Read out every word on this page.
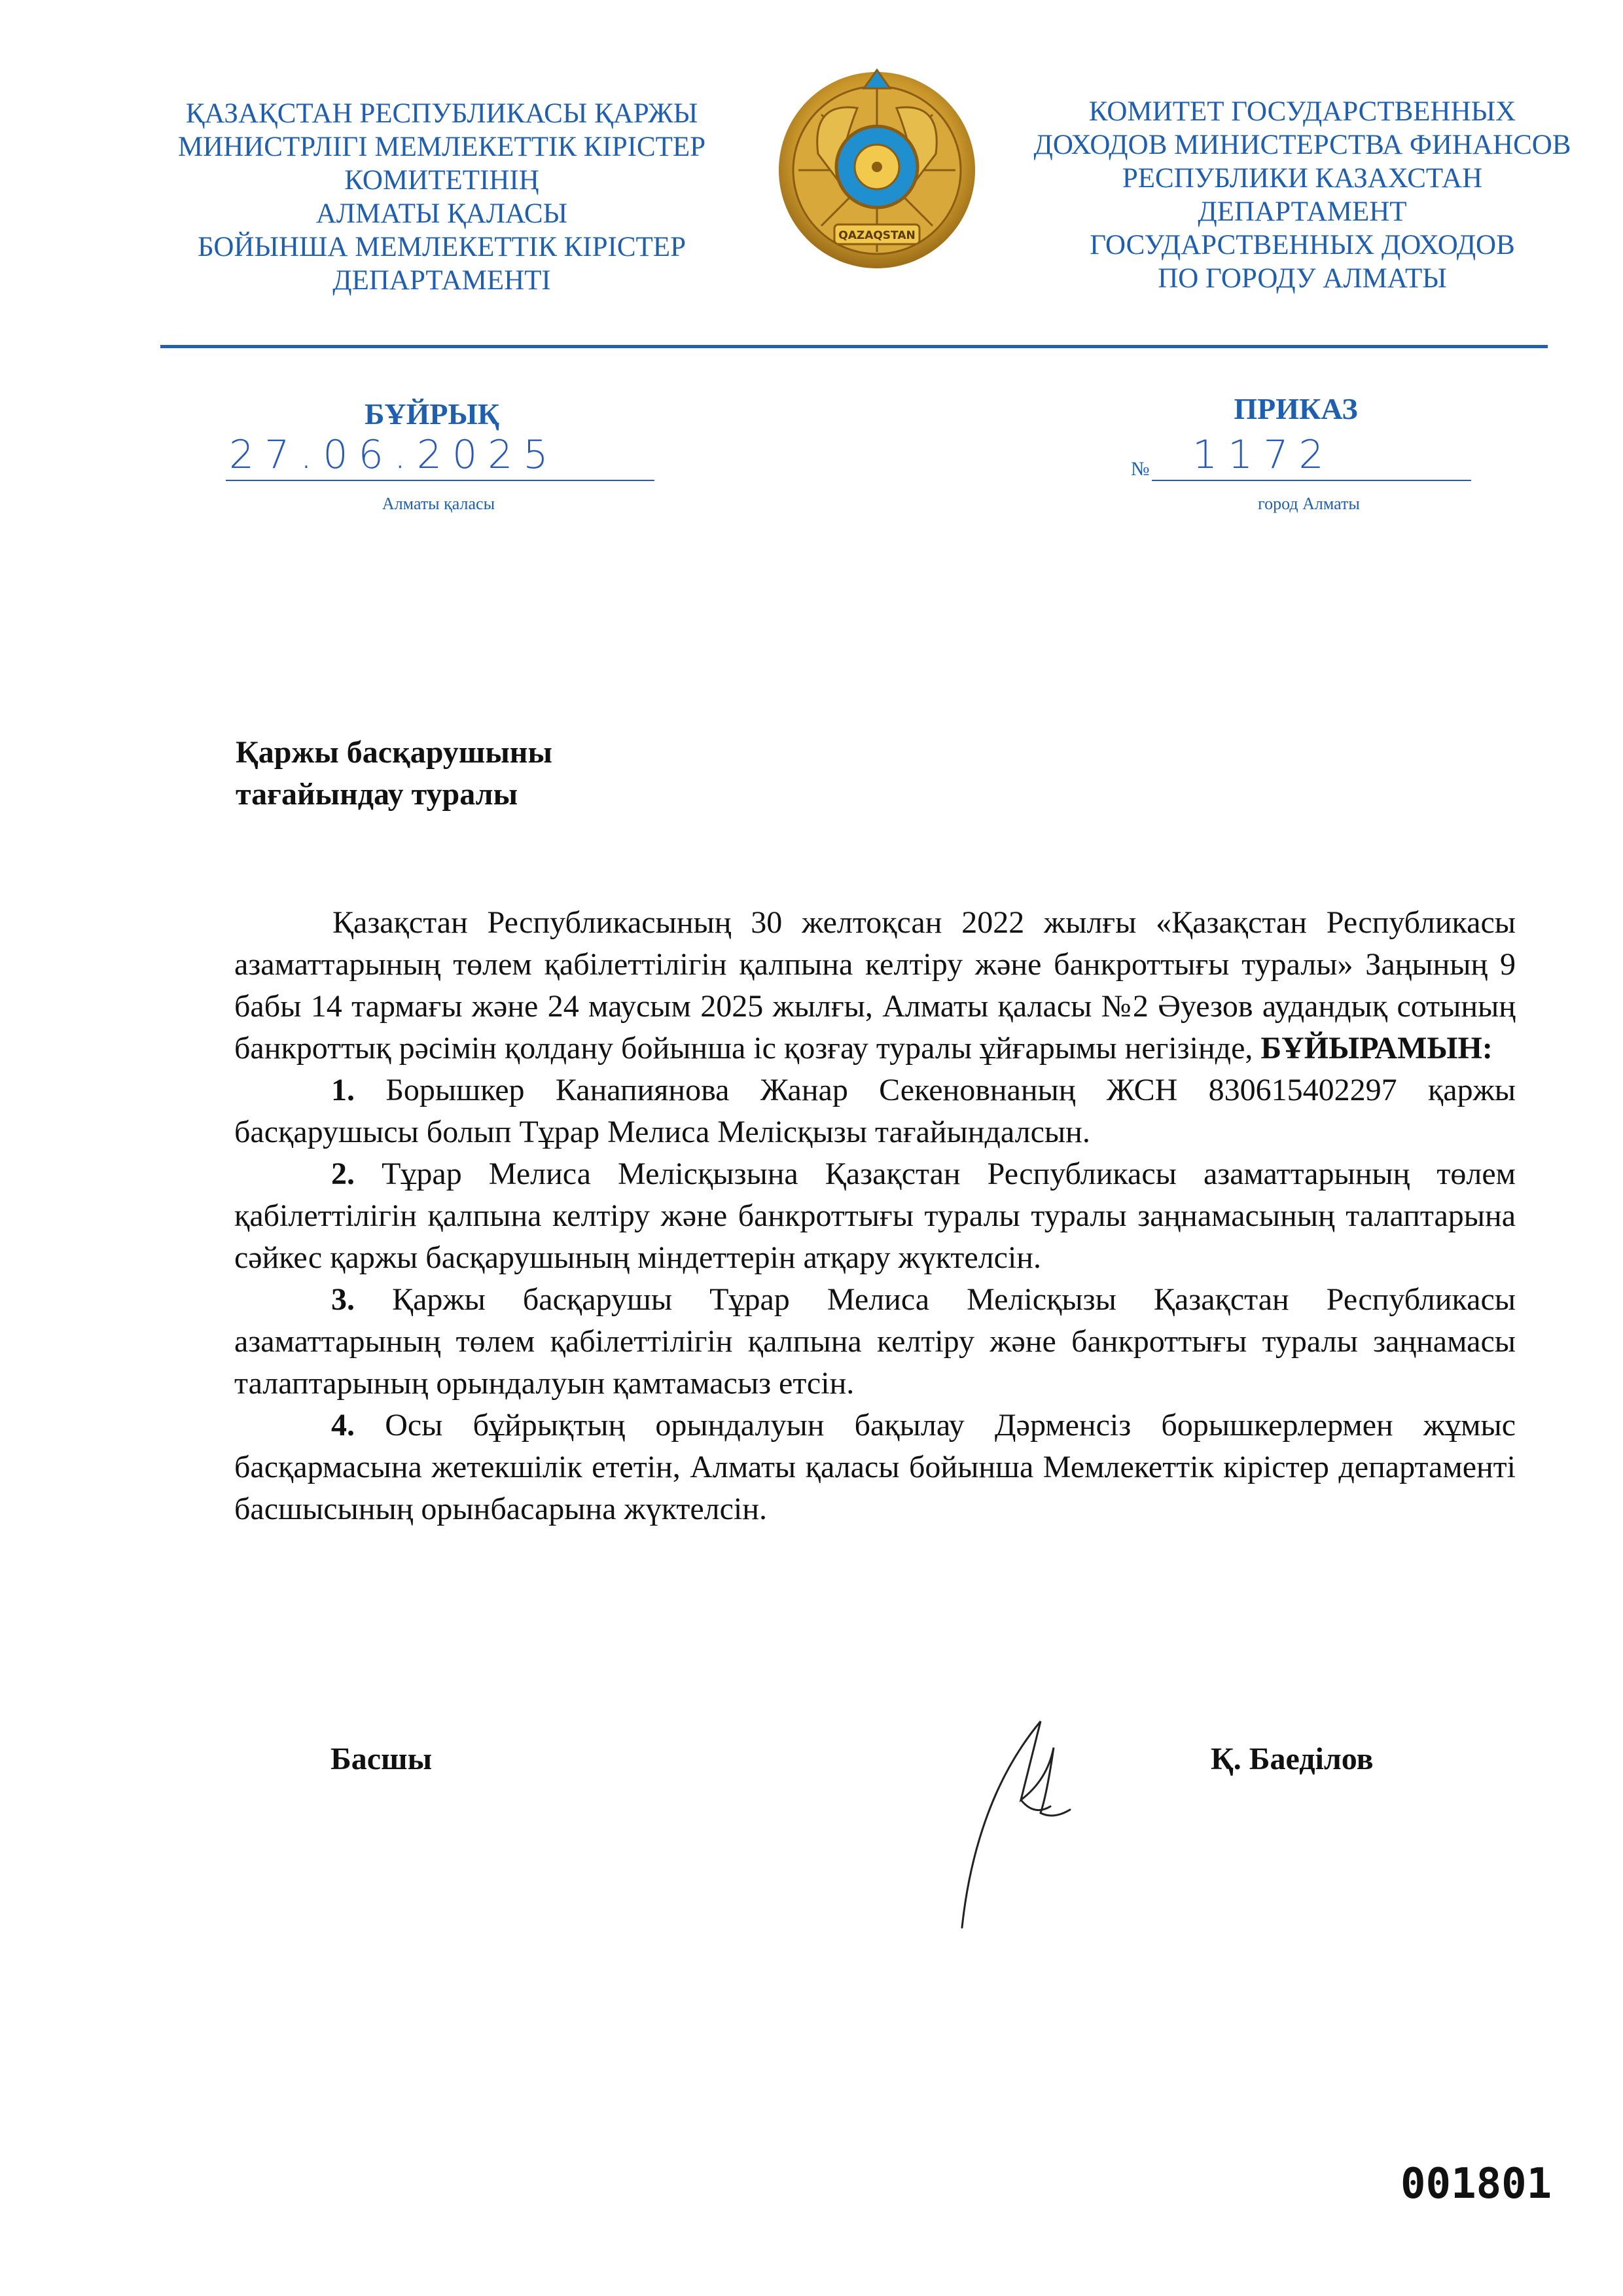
ҚАЗАҚСТАН РЕСПУБЛИКАСЫ ҚАРЖЫ
МИНИСТРЛІГІ МЕМЛЕКЕТТІК КІРІСТЕР
КОМИТЕТІНІҢ
АЛМАТЫ ҚАЛАСЫ
БОЙЫНША МЕМЛЕКЕТТІК КІРІСТЕР
ДЕПАРТАМЕНТІ
QAZAQSTAN
КОМИТЕТ ГОСУДАРСТВЕННЫХ
ДОХОДОВ МИНИСТЕРСТВА ФИНАНСОВ
РЕСПУБЛИКИ КАЗАХСТАН
ДЕПАРТАМЕНТ
ГОСУДАРСТВЕННЫХ ДОХОДОВ
ПО ГОРОДУ АЛМАТЫ
БҰЙРЫҚ	ПРИКАЗ
27.06.2025	№ 1172
Алматы қаласы	город Алматы
Қаржы басқарушыны
тағайындау туралы

Қазақстан Республикасының 30 желтоқсан 2022 жылғы «Қазақстан Республикасы азаматтарының төлем қабілеттілігін қалпына келтіру және банкроттығы туралы» Заңының 9 бабы 14 тармағы және 24 маусым 2025 жылғы, Алматы қаласы №2 Әуезов аудандық сотының банкроттық рәсімін қолдану бойынша іс қозғау туралы ұйғарымы негізінде, БҰЙЫРАМЫН:

1. Борышкер Канапиянова Жанар Секеновнаның ЖСН 830615402297 қаржы басқарушысы болып Тұрар Мелиса Мелісқызы тағайындалсын.

2. Тұрар Мелиса Мелісқызына Қазақстан Республикасы азаматтарының төлем қабілеттілігін қалпына келтіру және банкроттығы туралы туралы заңнамасының талаптарына сәйкес қаржы басқарушының міндеттерін атқару жүктелсін.

3. Қаржы басқарушы Тұрар Мелиса Мелісқызы Қазақстан Республикасы азаматтарының төлем қабілеттілігін қалпына келтіру және банкроттығы туралы заңнамасы талаптарының орындалуын қамтамасыз етсін.

4. Осы бұйрықтың орындалуын бақылау Дәрменсіз борышкерлермен жұмыс басқармасына жетекшілік ететін, Алматы қаласы бойынша Мемлекеттік кірістер департаменті басшысының орынбасарына жүктелсін.

Басшы	Қ. Баеділов
001801
